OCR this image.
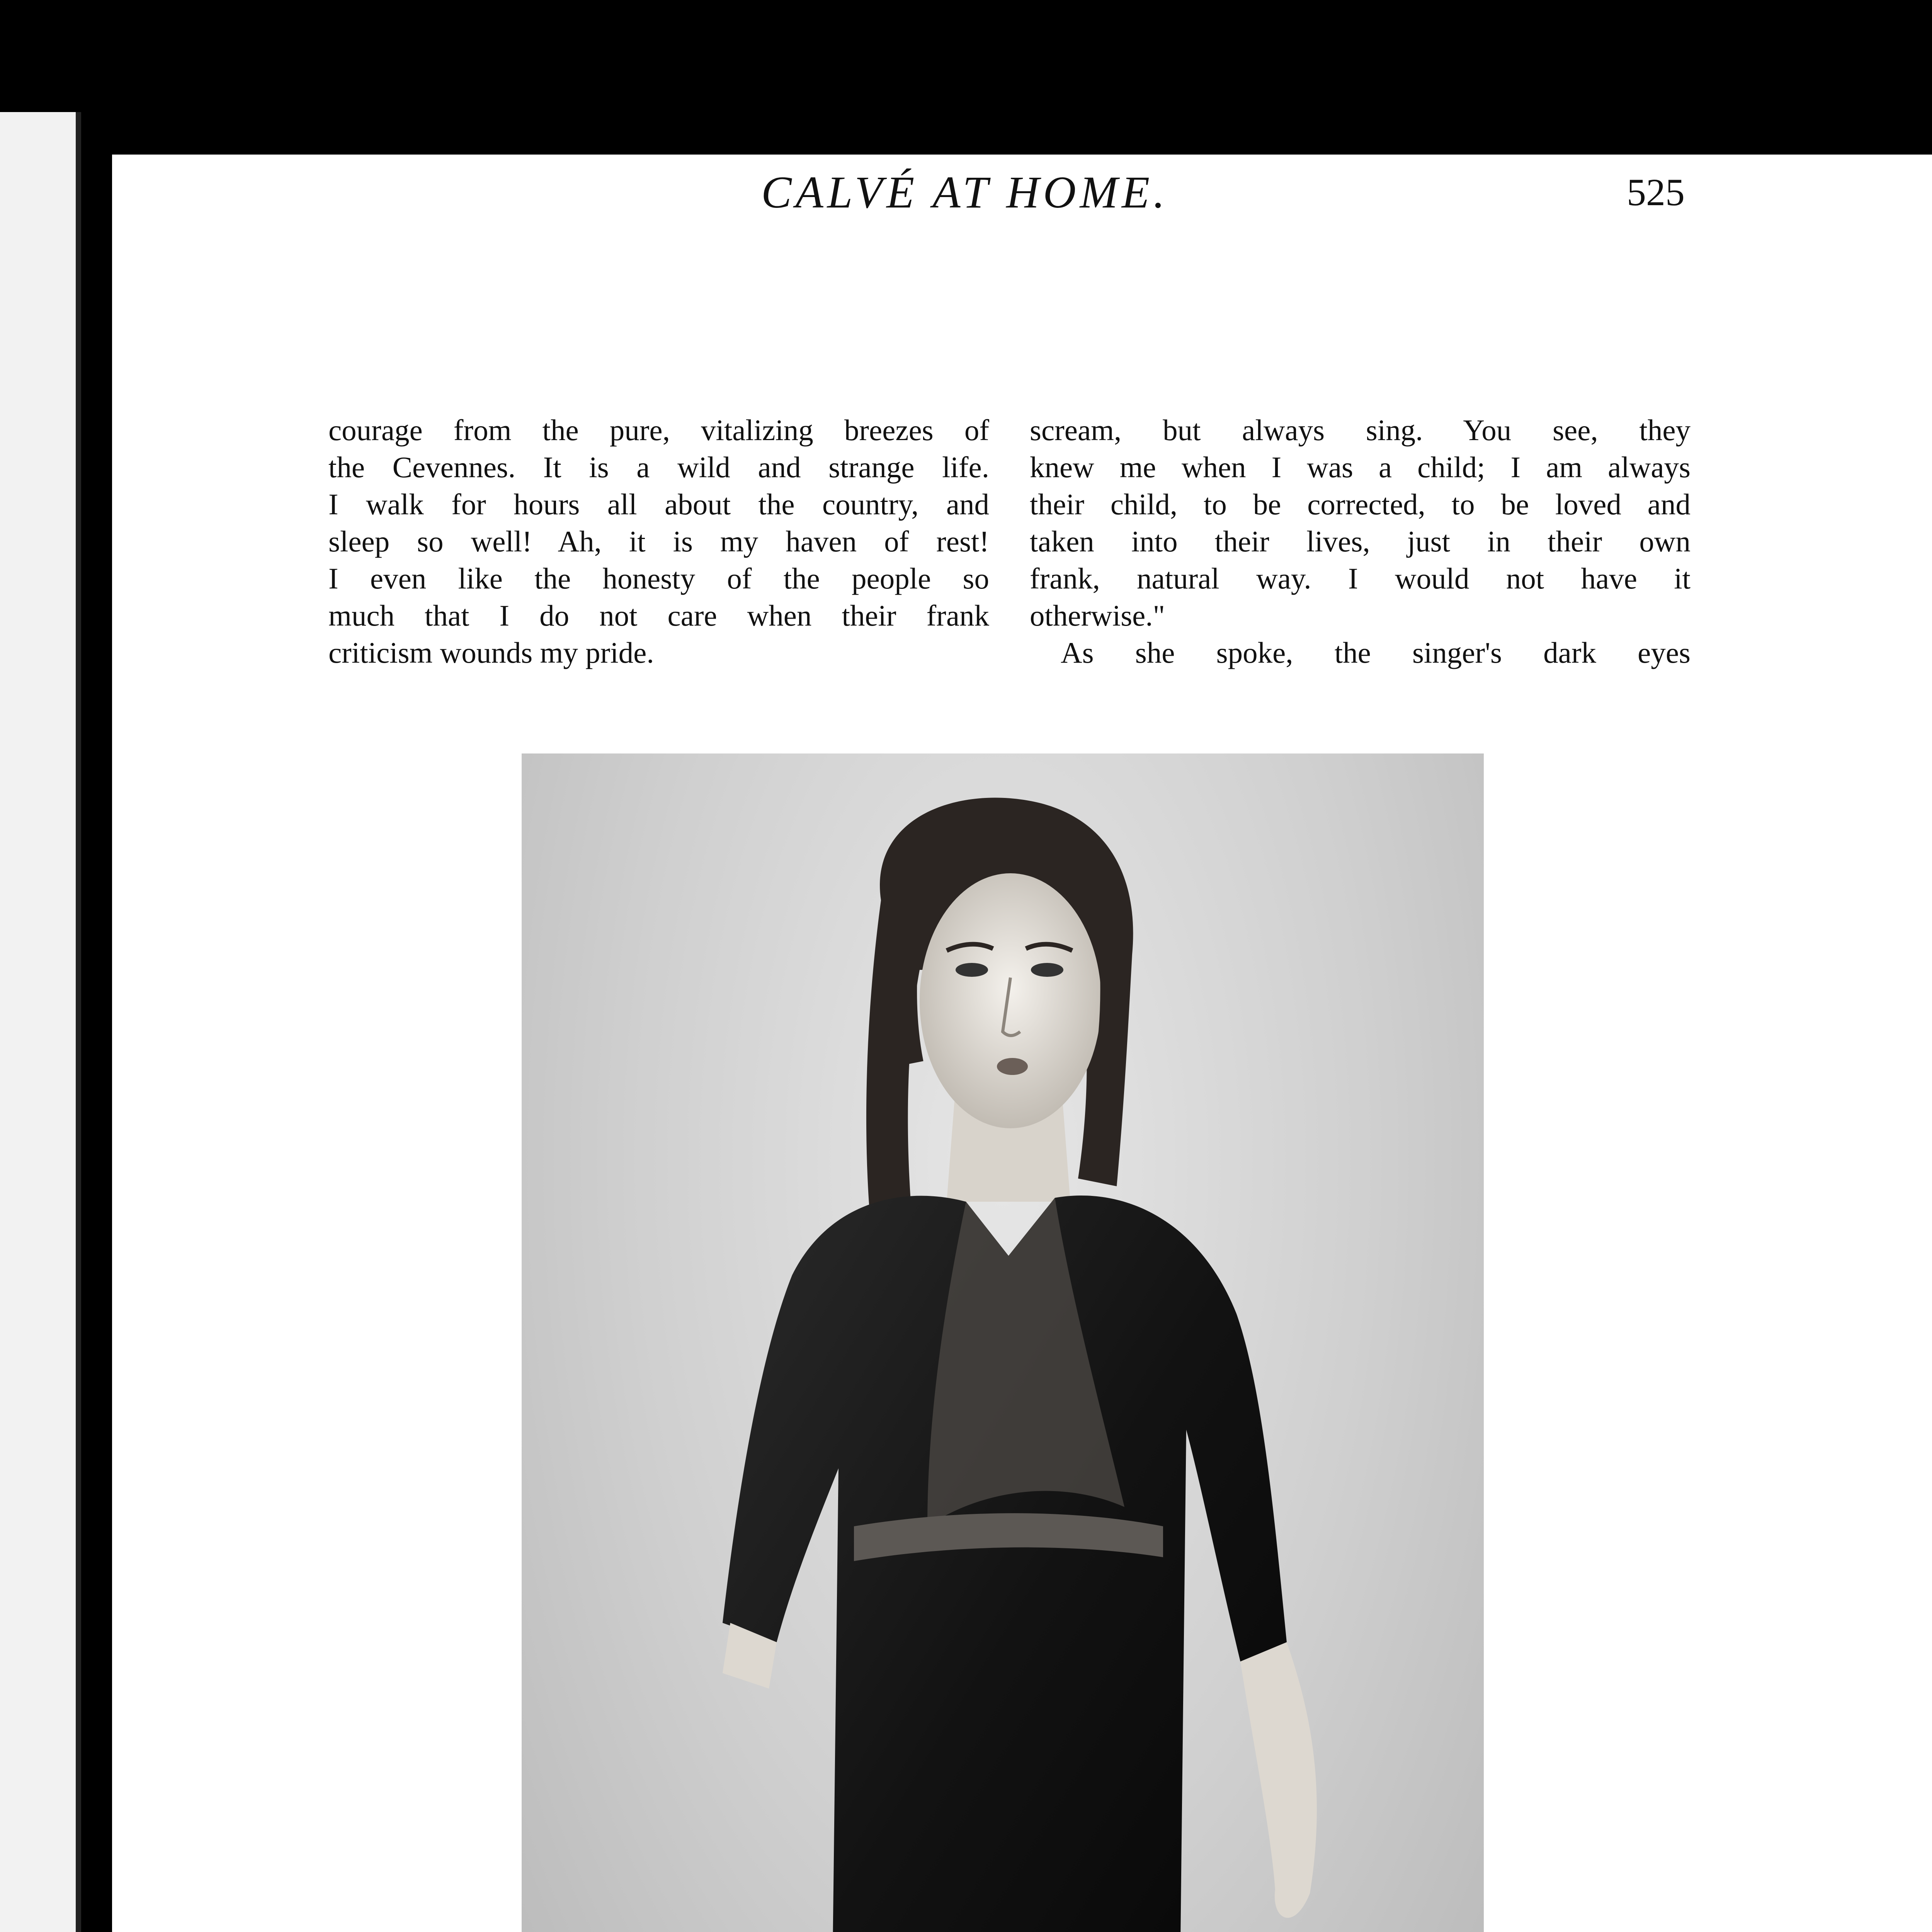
CALVÉ AT HOME.	525

courage from the pure, vitalizing breezes of

the Cevennes. It is a wild and strange life.

I walk for hours all about the country, and

sleep so well! Ah, it is my haven of rest!

I even like the honesty of the people so

much that I do not care when their frank

criticism wounds my pride.

scream, but always sing. You see, they

knew me when I was a child; I am always

their child, to be corrected, to be loved and

taken into their lives, just in their own

frank, natural way. I would not have it

otherwise."

As she spoke, the singer's dark eyes
